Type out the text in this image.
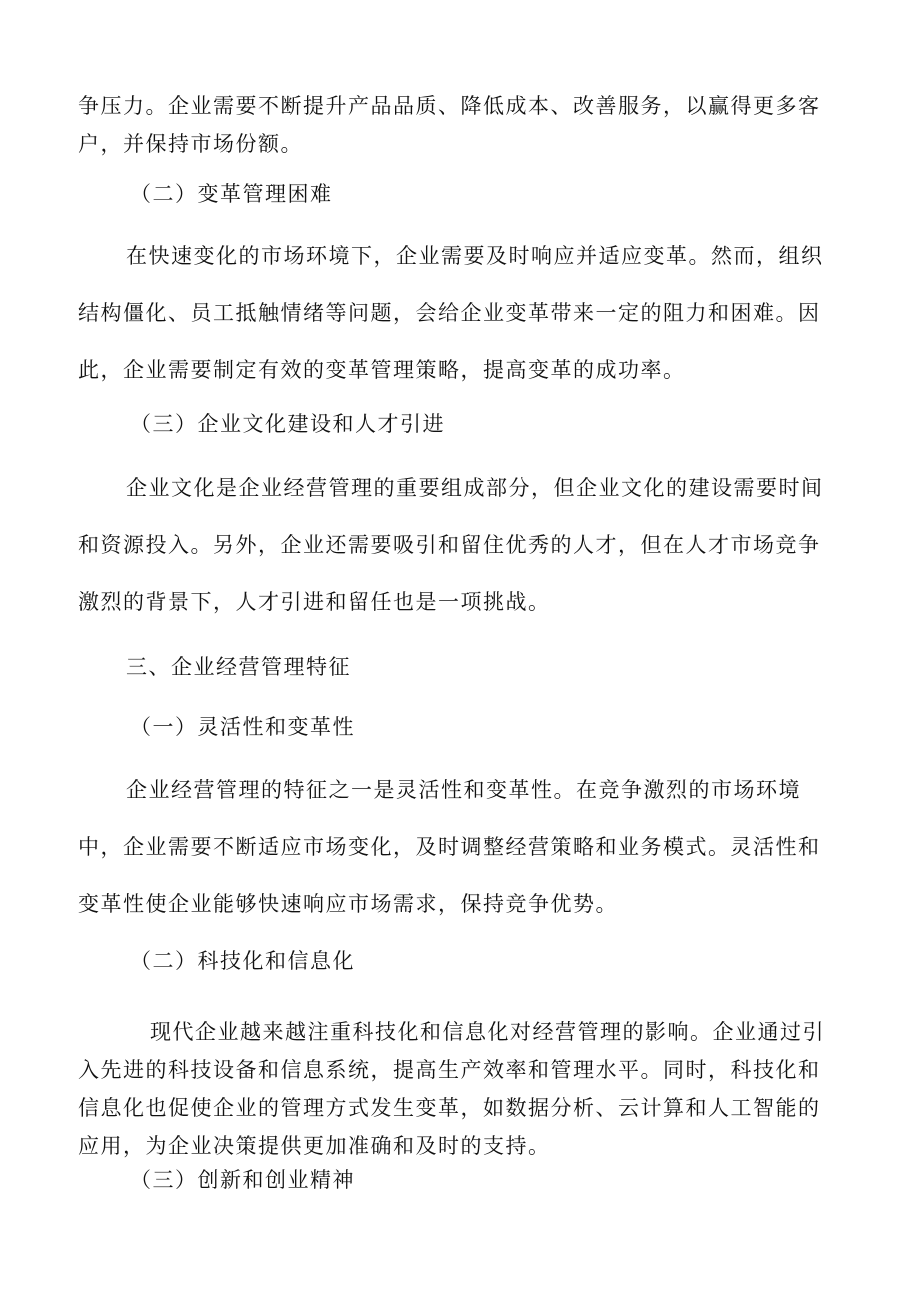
争压力。企业需要不断提升产品品质、降低成本、改善服务，以赢得更多客户，并保持市场份额。

（二）变革管理困难

在快速变化的市场环境下，企业需要及时响应并适应变革。然而，组织结构僵化、员工抵触情绪等问题，会给企业变革带来一定的阻力和困难。因此，企业需要制定有效的变革管理策略，提高变革的成功率。

（三）企业文化建设和人才引进

企业文化是企业经营管理的重要组成部分，但企业文化的建设需要时间和资源投入。另外，企业还需要吸引和留住优秀的人才，但在人才市场竞争激烈的背景下，人才引进和留任也是一项挑战。

三、企业经营管理特征

（一）灵活性和变革性

企业经营管理的特征之一是灵活性和变革性。在竞争激烈的市场环境中，企业需要不断适应市场变化，及时调整经营策略和业务模式。灵活性和变革性使企业能够快速响应市场需求，保持竞争优势。

（二）科技化和信息化

现代企业越来越注重科技化和信息化对经营管理的影响。企业通过引入先进的科技设备和信息系统，提高生产效率和管理水平。同时，科技化和信息化也促使企业的管理方式发生变革，如数据分析、云计算和人工智能的应用，为企业决策提供更加准确和及时的支持。

（三）创新和创业精神
